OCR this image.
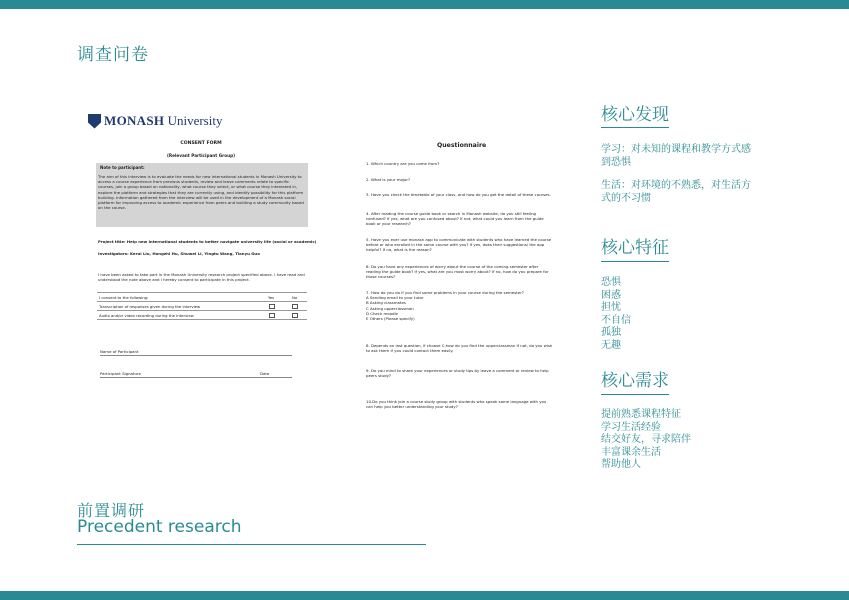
调查问卷
MONASH University
CONSENT FORM
(Relevant Participant Group)
Note to participant:
The aim of this interview is to evaluate the needs for new international students in Monash University to access a course experience from previous students, review and leave comments relate to specific courses, join a group based on nationality, what course they select, or what course they interested in, explore the platform and strategies that they are currently using, and identify possibility for this platform building. Information gathered from the interview will be used in the development of a Monash social platform for improving access to academic experience from peers and building a study community based on the course.
Project title: Help new international students to better navigate university life (social or academic)
Investigators: Kerui Liu, Hongzhi Hu, Shuwei Li, Yingtu Wang, Tianyu Guo
I have been asked to take part in the Monash University research project specified above. I have read and understood the note above and I hereby consent to participate in this project.
I consent to the following:	Yes	No
Transcription of responses given during the interview
Audio and/or video recording during the interview
Name of Participant
Participant Signature	Date
Questionnaire
1. Which country are you come from?
2. What is your major?
3. Have you check the timetable of your class, and how do you get the detail of these courses.
4. After reading the course guide book or search in Monash website, do you still feeling confused? If yes, what are you confused about? If not, what could you learn from the guide book or your research?
5. Have you ever use monash app to communicate with students who have learned the course before or who enrolled in the same course with you? If yes, does their suggestions/ the app helpful? If no, what is the reason?
6. Do you have any experiences of worry about the course of the coming semester after reading the guide book? If yes, what are you most worry about? If no, how do you prepare for those courses?
7. How do you do if you find some problems in your course during the semester?
A Sending email to your tutor
B Asking classmates
C Asking upperclassman
D Check moodle
E Others (Please specify)
8. Depends on last question, if choose C,how do you find the upperclassman If not, do you wish to ask them if you could contact them easily.
9. Do you mind to share your experiences or study tips by leave a comment or review to help peers study?
10.Do you think join a course study group with students who speak same language with you can help you better understanding your study?
核心发现
学习：对未知的课程和教学方式感到恐惧
生活：对环境的不熟悉，对生活方式的不习惯
核心特征
恐惧
困惑
担忧
不自信
孤独
无趣
核心需求
提前熟悉课程特征
学习生活经验
结交好友，寻求陪伴
丰富课余生活
帮助他人
前置调研
Precedent research
